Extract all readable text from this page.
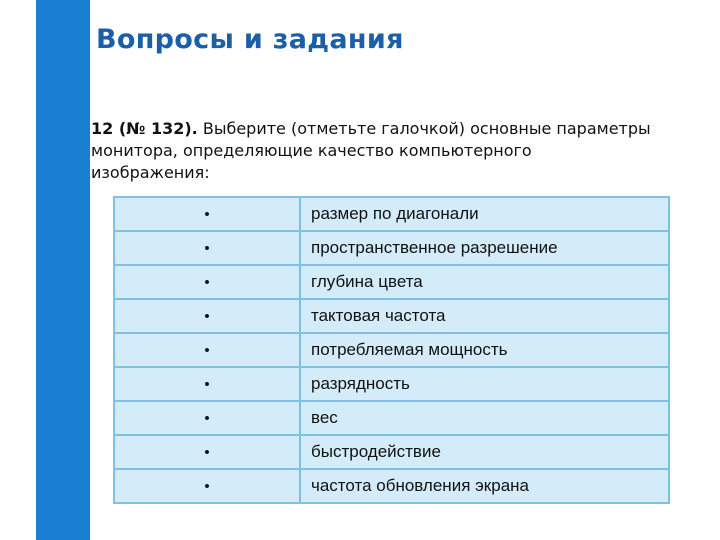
Вопросы и задания
12 (№ 132). Выберите (отметьте галочкой) основные параметры монитора, определяющие качество компьютерного изображения:
•	размер по диагонали
•	пространственное разрешение
•	глубина цвета
•	тактовая частота
•	потребляемая мощность
•	разрядность
•	вес
•	быстродействие
•	частота обновления экрана
